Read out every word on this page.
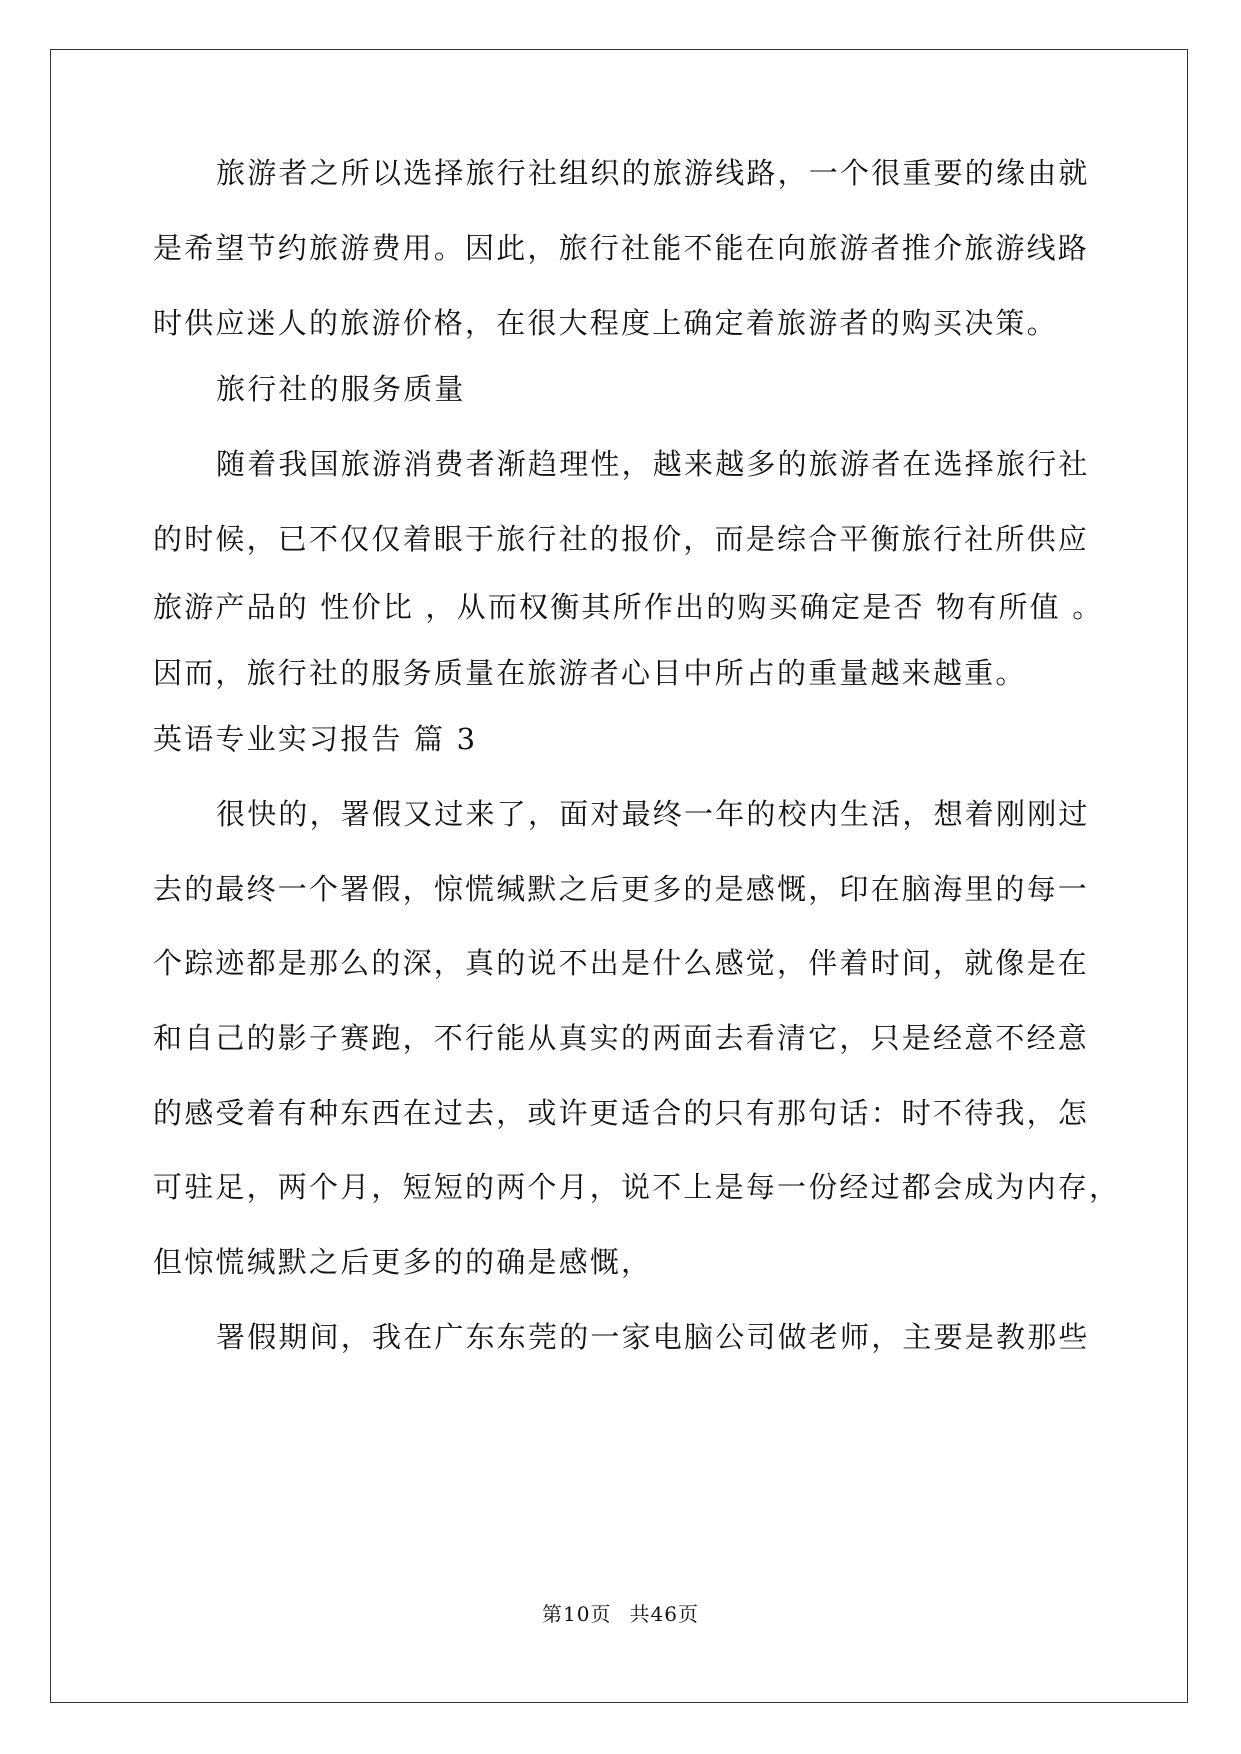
旅游者之所以选择旅行社组织的旅游线路，一个很重要的缘由就
是希望节约旅游费用。因此，旅行社能不能在向旅游者推介旅游线路
时供应迷人的旅游价格，在很大程度上确定着旅游者的购买决策。
旅行社的服务质量
随着我国旅游消费者渐趋理性，越来越多的旅游者在选择旅行社
的时候，已不仅仅着眼于旅行社的报价，而是综合平衡旅行社所供应
旅游产品的 性价比 ，从而权衡其所作出的购买确定是否 物有所值 。
因而，旅行社的服务质量在旅游者心目中所占的重量越来越重。
英语专业实习报告 篇 3
很快的，署假又过来了，面对最终一年的校内生活，想着刚刚过
去的最终一个署假，惊慌缄默之后更多的是感慨，印在脑海里的每一
个踪迹都是那么的深，真的说不出是什么感觉，伴着时间，就像是在
和自己的影子赛跑，不行能从真实的两面去看清它，只是经意不经意
的感受着有种东西在过去，或许更适合的只有那句话：时不待我，怎
可驻足，两个月，短短的两个月，说不上是每一份经过都会成为内存，
但惊慌缄默之后更多的的确是感慨，
署假期间，我在广东东莞的一家电脑公司做老师，主要是教那些
第10页 共46页
